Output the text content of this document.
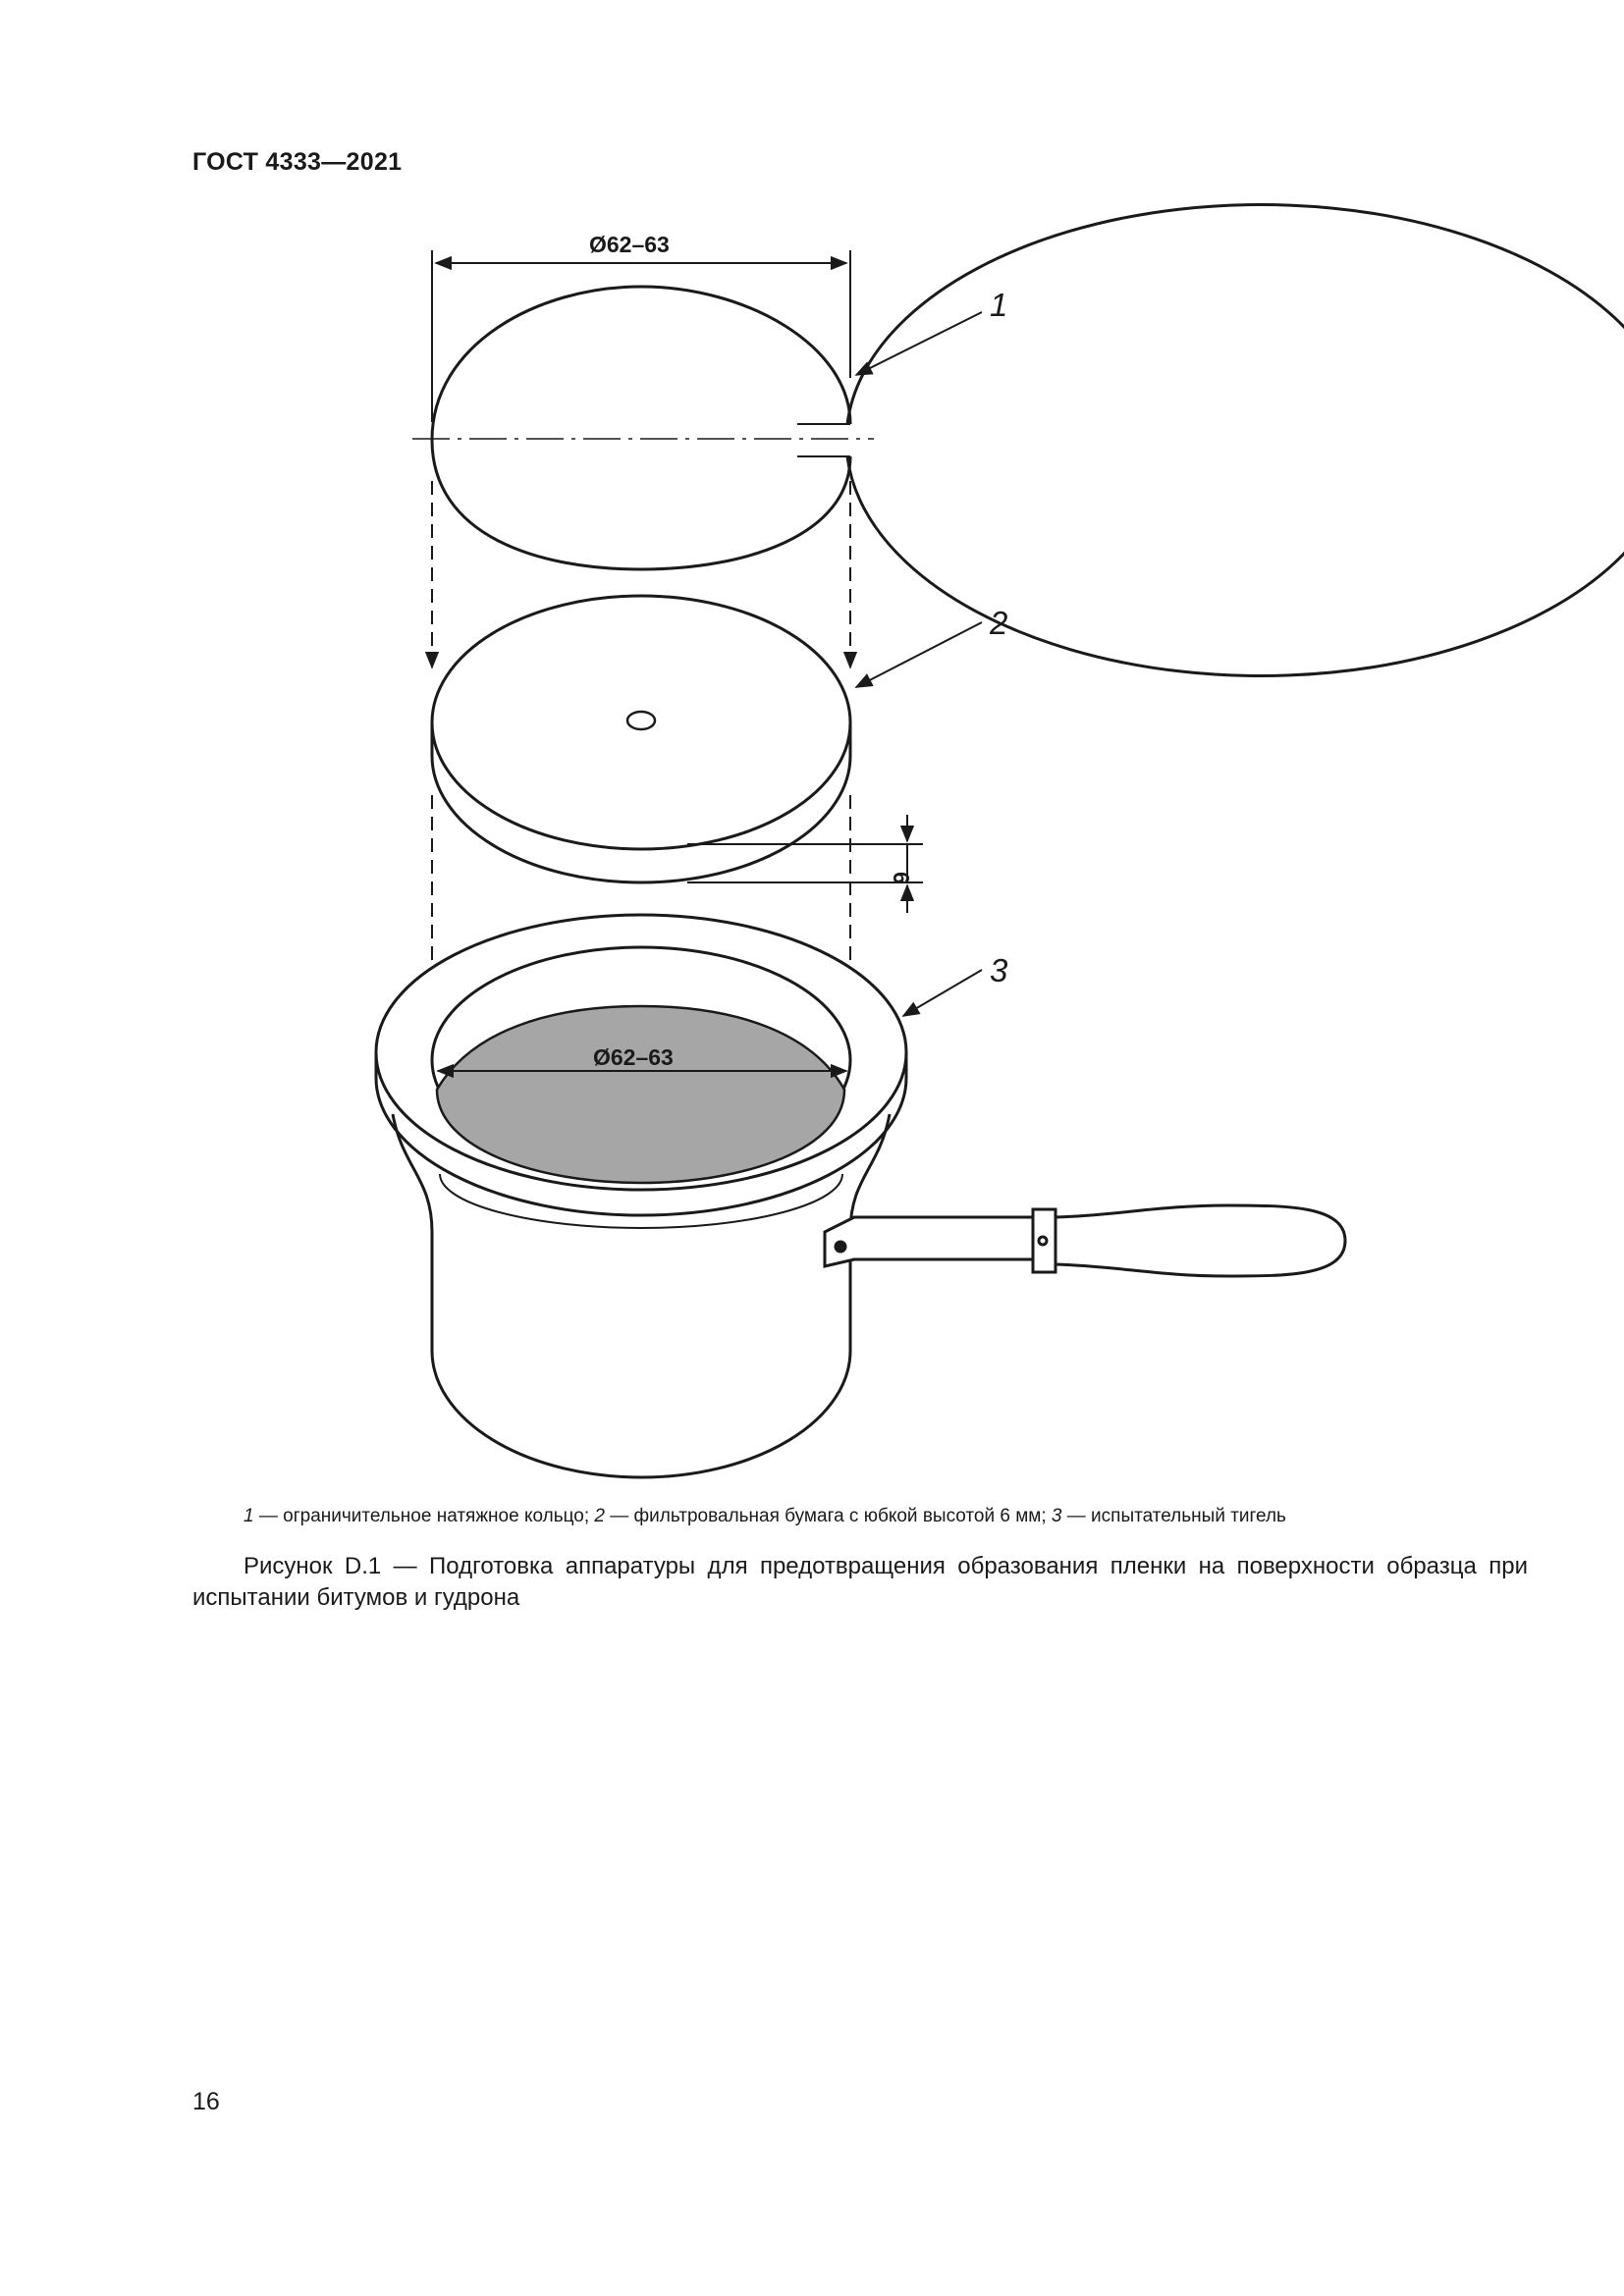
ГОСТ 4333—2021

Ø62–63
Ø62–63
6
1
2
3

1 — ограничительное натяжное кольцо; 2 — фильтровальная бумага с юбкой высотой 6 мм; 3 — испытательный тигель

Рисунок D.1 — Подготовка аппаратуры для предотвращения образования пленки на поверхности образца при испытании битумов и гудрона

16
